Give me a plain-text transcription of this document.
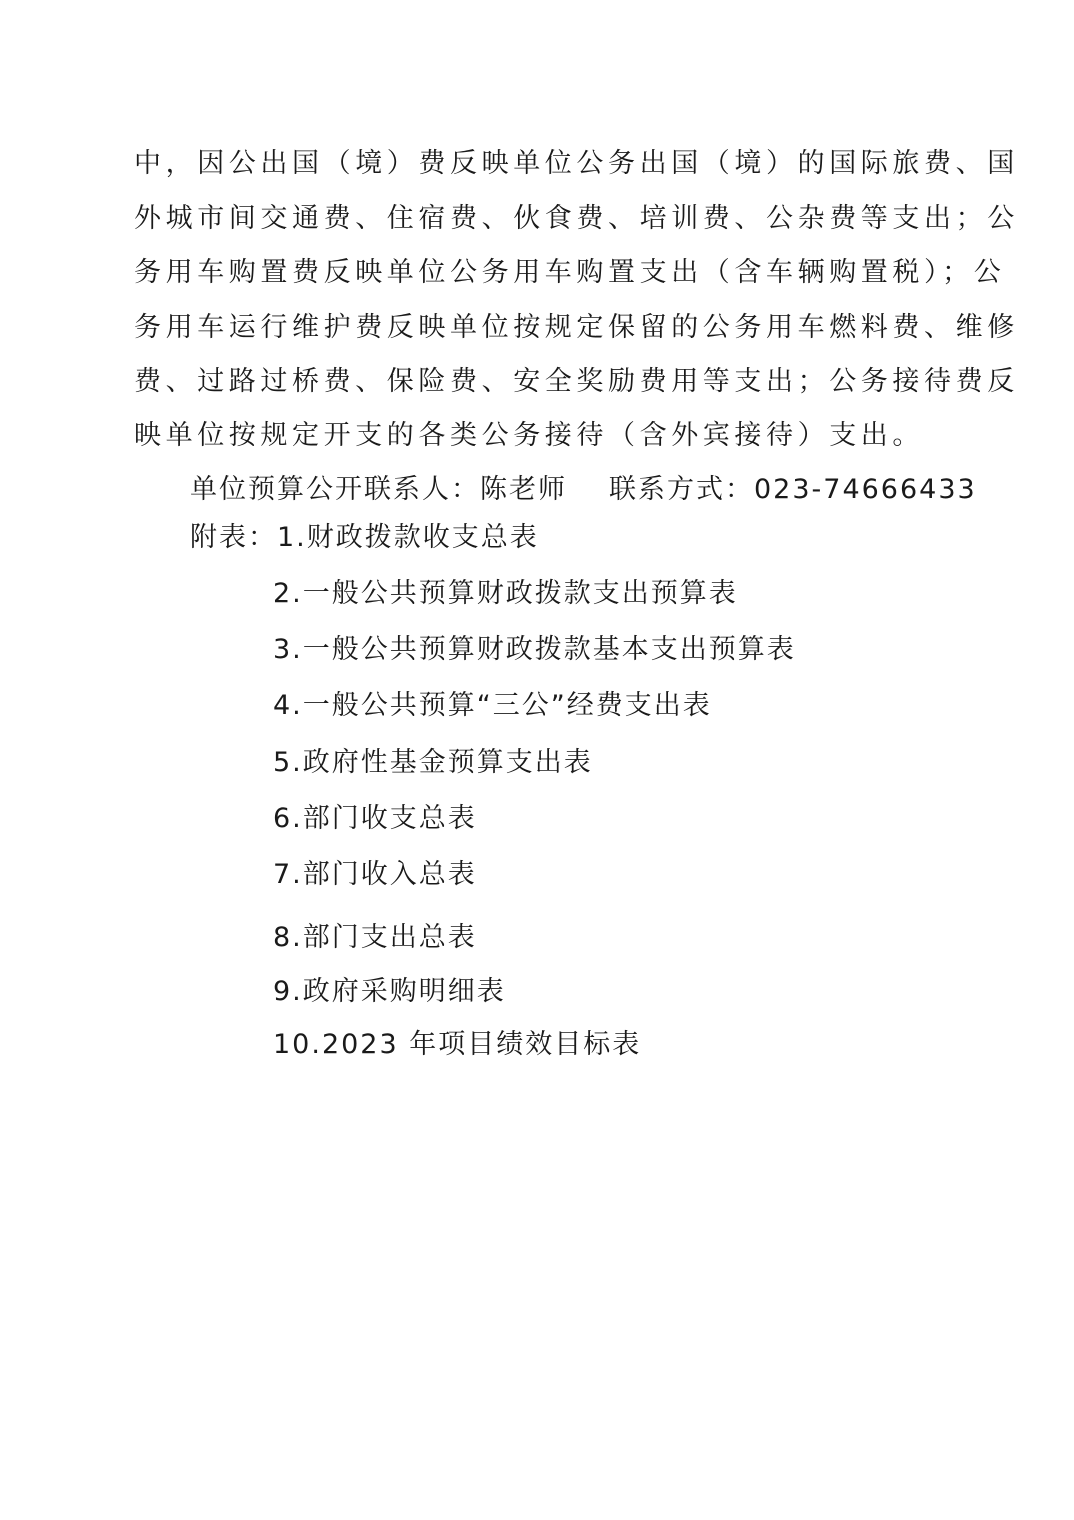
中，因公出国（境）费反映单位公务出国（境）的国际旅费、国
外城市间交通费、住宿费、伙食费、培训费、公杂费等支出；公
务用车购置费反映单位公务用车购置支出（含车辆购置税）；公
务用车运行维护费反映单位按规定保留的公务用车燃料费、维修
费、过路过桥费、保险费、安全奖励费用等支出；公务接待费反
映单位按规定开支的各类公务接待（含外宾接待）支出。
单位预算公开联系人：陈老师 联系方式：023-74666433
附表：1.财政拨款收支总表
2.一般公共预算财政拨款支出预算表
3.一般公共预算财政拨款基本支出预算表
4.一般公共预算“三公”经费支出表
5.政府性基金预算支出表
6.部门收支总表
7.部门收入总表
8.部门支出总表
9.政府采购明细表
10.2023 年项目绩效目标表
